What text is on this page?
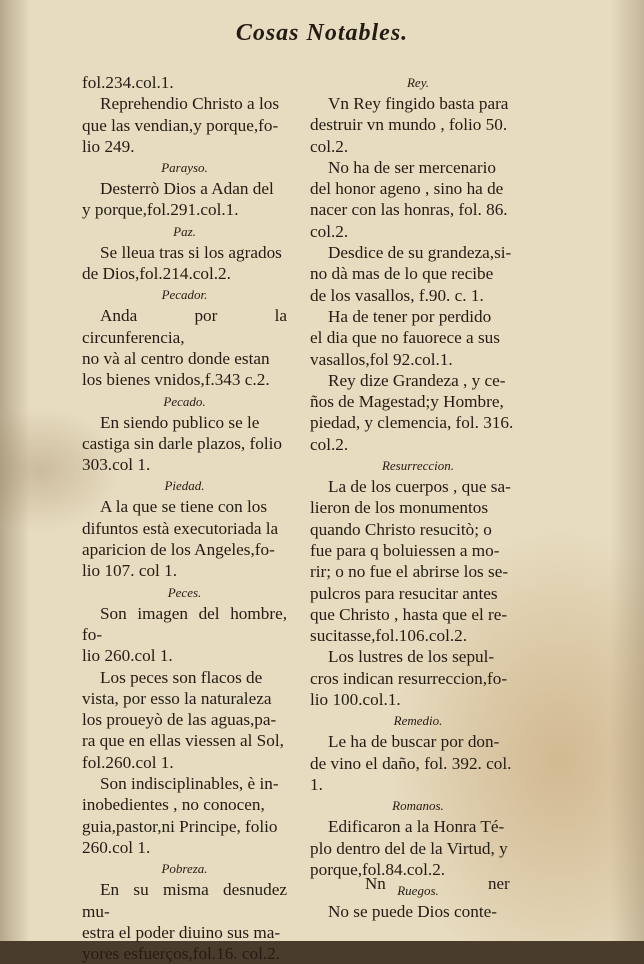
Cosas Notables.
fol.234.col.1.
Reprehendio Christo a los
que las vendian,y porque,fo-
lio 249.
Parayso.
Desterrò Dios a Adan del
y porque,fol.291.col.1.
Paz.
Se lleua tras si los agrados
de Dios,fol.214.col.2.
Pecador.
Anda por la circunferencia,
no và al centro donde estan
los bienes vnidos,f.343 c.2.
Pecado.
En siendo publico se le
castiga sin darle plazos, folio
303.col 1.
Piedad.
A la que se tiene con los
difuntos està executoriada la
aparicion de los Angeles,fo-
lio 107. col 1.
Peces.
Son imagen del hombre, fo-
lio 260.col 1.
Los peces son flacos de
vista, por esso la naturaleza
los proueyò de las aguas,pa-
ra que en ellas viessen al Sol,
fol.260.col 1.
Son indisciplinables, è in-
inobedientes , no conocen,
guia,pastor,ni Principe, folio
260.col 1.
Pobreza.
En su misma desnudez mu-
estra el poder diuino sus ma-
yores esfuerços,fol.16. col.2.
Rey.
Vn Rey fingido basta para
destruir vn mundo , folio 50.
col.2.
No ha de ser mercenario
del honor ageno , sino ha de
nacer con las honras, fol. 86.
col.2.
Desdice de su grandeza,si-
no dà mas de lo que recibe
de los vasallos, f.90. c. 1.
Ha de tener por perdido
el dia que no fauorece a sus
vasallos,fol 92.col.1.
Rey dize Grandeza , y ce-
ños de Magestad;y Hombre,
piedad, y clemencia, fol. 316.
col.2.
Resurreccion.
La de los cuerpos , que sa-
lieron de los monumentos
quando Christo resucitò; o
fue para q boluiessen a mo-
rir; o no fue el abrirse los se-
pulcros para resucitar antes
que Christo , hasta que el re-
sucitasse,fol.106.col.2.
Los lustres de los sepul-
cros indican resurreccion,fo-
lio 100.col.1.
Remedio.
Le ha de buscar por don-
de vino el daño, fol. 392. col.
1.
Romanos.
Edificaron a la Honra Té-
plo dentro del de la Virtud, y
porque,fol.84.col.2.
Ruegos.
No se puede Dios conte-
Nn	ner
